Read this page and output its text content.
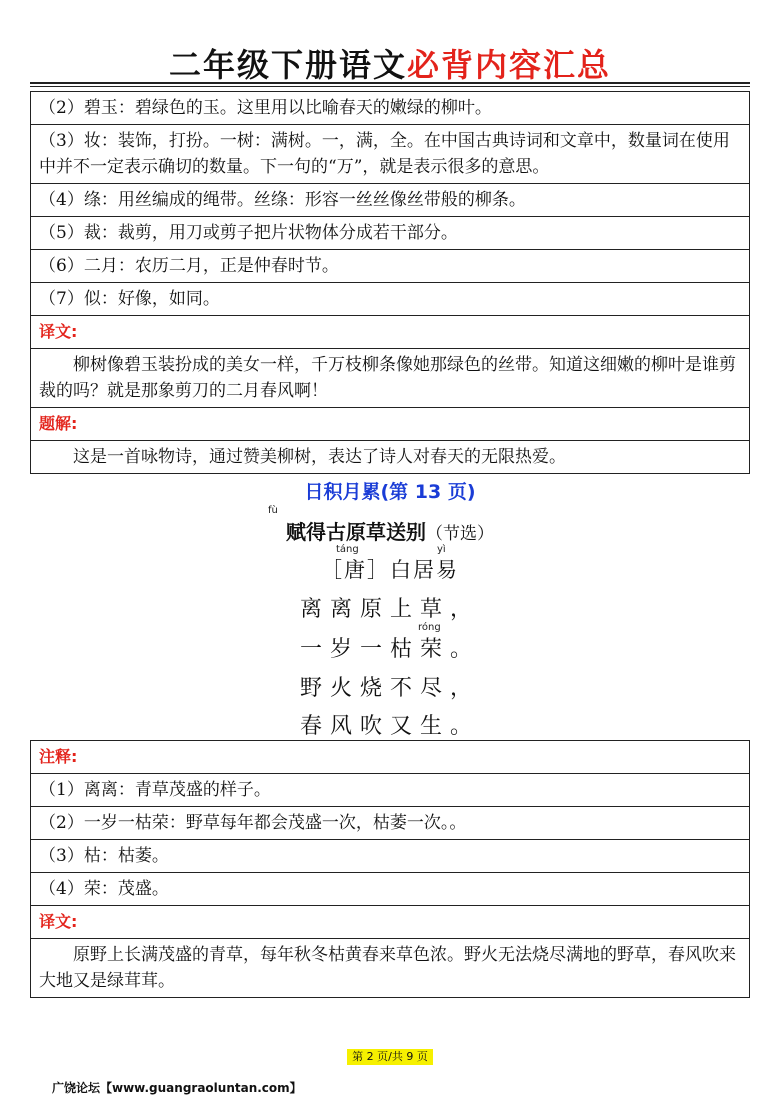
二年级下册语文必背内容汇总
（2）碧玉：碧绿色的玉。这里用以比喻春天的嫩绿的柳叶。
（3）妆：装饰，打扮。一树：满树。一，满，全。在中国古典诗词和文章中，数量词在使用中并不一定表示确切的数量。下一句的“万”，就是表示很多的意思。
（4）绦：用丝编成的绳带。丝绦：形容一丝丝像丝带般的柳条。
（5）裁：裁剪，用刀或剪子把片状物体分成若干部分。
（6）二月：农历二月，正是仲春时节。
（7）似：好像，如同。
译文:
柳树像碧玉装扮成的美女一样，千万枝柳条像她那绿色的丝带。知道这细嫩的柳叶是谁剪裁的吗？就是那象剪刀的二月春风啊！
题解:
这是一首咏物诗，通过赞美柳树，表达了诗人对春天的无限热爱。
日积月累(第 13 页)
赋得古原草送别（节选）
fù
［唐］白居易
táng	yì
离离原上草，
一岁一枯荣。
róng
野火烧不尽，
春风吹又生。
注释:
（1）离离：青草茂盛的样子。
（2）一岁一枯荣：野草每年都会茂盛一次，枯萎一次。。
（3）枯：枯萎。
（4）荣：茂盛。
译文:
原野上长满茂盛的青草，每年秋冬枯黄春来草色浓。野火无法烧尽满地的野草，春风吹来大地又是绿茸茸。
第 2 页/共 9 页
广饶论坛【www.guangraoluntan.com】
